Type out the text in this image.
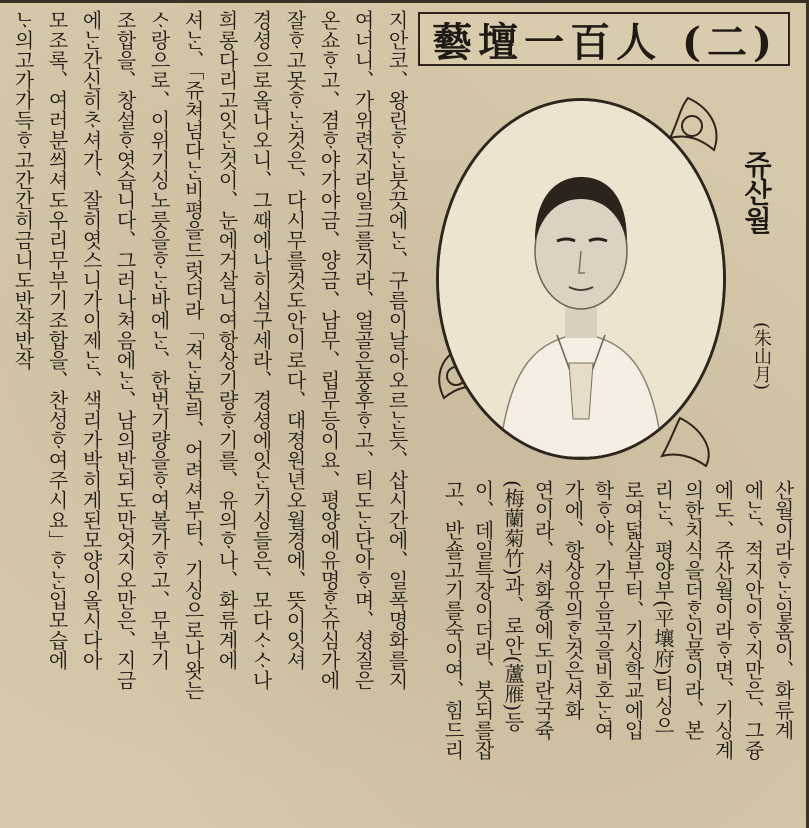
藝壇一百人 (二)
쥬산월
(朱山月)
산월이라ᄒᆞᄂᆞᆫ일홈이、화류계
에ᄂᆞᆫ、적지안이ᄒᆞ지만은、그즁
에도、쥬산월이라ᄒᆞ면、기싱계
의한치식을더ᄒᆞᆫ인물이라、본
리ᄂᆞᆫ、평양부(平壤府)티싱으
로여덟살부터、기싱학교에입
학ᄒᆞ야、가무음곡을비호ᄂᆞᆫ여
가에、항상유의ᄒᆞᆫ것은셔화
연이라、셔화즁에도미란국쥭
(梅蘭菊竹)과、로안(蘆雁)등
이、데일특장이더라、붓되를잡
고、반숄고기를숙이여、힘드리
ᄂᆞ의고가가득ᄒᆞ고간간히금니도반작반작 모조록、여러분씌셔도우리무부기조합을、찬성ᄒᆞ여주시요」ᄒᆞᄂᆞᆫ입모습에 에ᄂᆞᆫ간신히ᄎᆞ셔가、잘히엿스니가이제ᄂᆞᆫ、색리가박히게된모양이올시다아 조합을、창설ᄒᆞ엿습니다、그러나쳐음에ᄂᆞᆫ、남의반되도만엇지오만은、지금 ᄉᆞ랑으로、이위기싱노릇을ᄒᆞᄂᆞᆫ바에ᄂᆞᆫ、한번기량을ᄒᆞ여볼가ᄒᆞ고、무부기 셔ᄂᆞᆫ、「쥬쳐넘다ᄂᆞᆫ비평을드럿더라「져ᄂᆞᆫ본릐、어려셔부터、기싱으로나왓는 희롱다리고잇ᄂᆞᆫ것이、눈에거살니여항상기량ᄒᆞ기를、유의ᄒᆞ나、화류계에 경셩으로올나오니、그ᄯᅢ에나히십구세라、경셩에잇ᄂᆞᆫ기싱들은、모다ᄉᆞᄉᆞ나 잘ᄒᆞ고못ᄒᆞᄂᆞᆫ것은、다시무를것도안이로다、대졍원년오월경에、뜻이잇셔 온쇼ᄒᆞ고、겸ᄒᆞ야가야금、양금、남무、립무등이요、평양에유명ᄒᆞᆫ슈심가에 여너니、가위련지라일크를지라、얼골은풍후ᄒᆞ고、티도ᄂᆞᆫ단아ᄒᆞ며、셩질은 지안코、왕린ᄒᆞᄂᆞᆫ붓끗에ᄂᆞᆫ、구름이날아오르ᄂᆞᆫ듯、삽시간에、일폭명화를지
